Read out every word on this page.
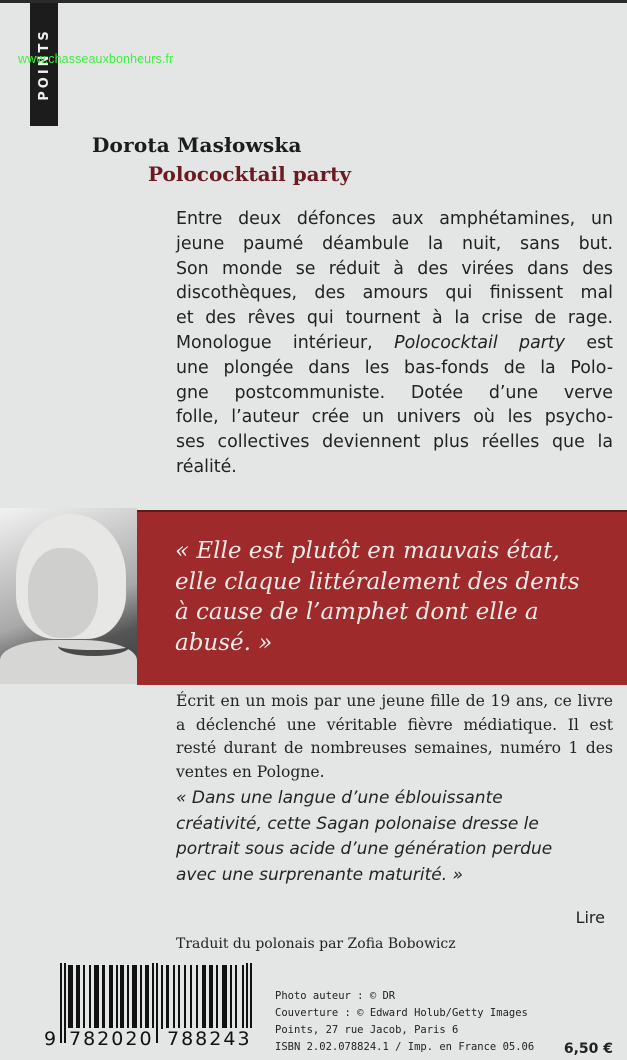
POINTS
www.chasseauxbonheurs.fr
Dorota Masłowska
Polococktail party
Entre deux défonces aux amphétamines, un
jeune paumé déambule la nuit, sans but.
Son monde se réduit à des virées dans des
discothèques, des amours qui finissent mal
et des rêves qui tournent à la crise de rage.
Monologue intérieur, Polococktail party est
une plongée dans les bas-fonds de la Polo-
gne postcommuniste. Dotée d’une verve
folle, l’auteur crée un univers où les psycho-
ses collectives deviennent plus réelles que la
réalité.
« Elle est plutôt en mauvais état,
elle claque littéralement des dents
à cause de l’amphet dont elle a
abusé. »
Écrit en un mois par une jeune fille de 19 ans, ce livre
a déclenché une véritable fièvre médiatique. Il est
resté durant de nombreuses semaines, numéro 1 des
ventes en Pologne.
« Dans une langue d’une éblouissante
créativité, cette Sagan polonaise dresse le
portrait sous acide d’une génération perdue
avec une surprenante maturité. »
Lire
Traduit du polonais par Zofia Bobowicz
9 782020 788243
Photo auteur : © DR
Couverture : © Edward Holub/Getty Images
Points, 27 rue Jacob, Paris 6
ISBN 2.02.078824.1 / Imp. en France 05.06 6,50 €
